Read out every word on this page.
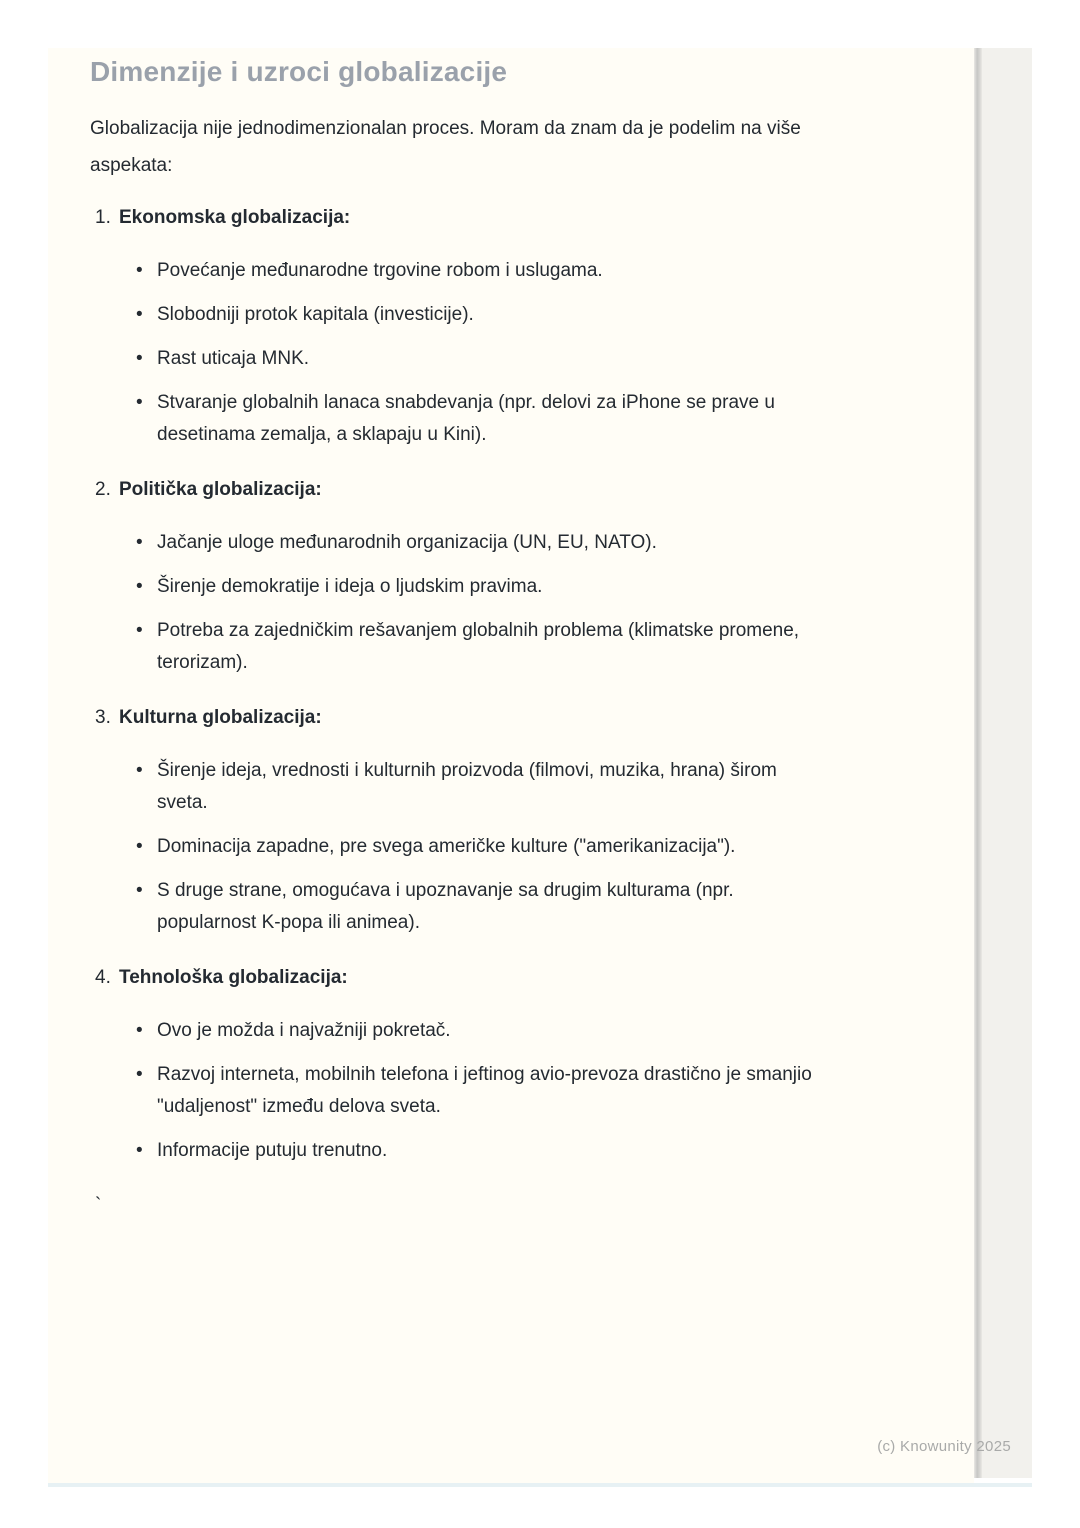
Dimenzije i uzroci globalizacije

Globalizacija nije jednodimenzionalan proces. Moram da znam da je podelim na više aspekata:

1. Ekonomska globalizacija:
• Povećanje međunarodne trgovine robom i uslugama.
• Slobodniji protok kapitala (investicije).
• Rast uticaja MNK.
• Stvaranje globalnih lanaca snabdevanja (npr. delovi za iPhone se prave u desetinama zemalja, a sklapaju u Kini).
2. Politička globalizacija:
• Jačanje uloge međunarodnih organizacija (UN, EU, NATO).
• Širenje demokratije i ideja o ljudskim pravima.
• Potreba za zajedničkim rešavanjem globalnih problema (klimatske promene, terorizam).
3. Kulturna globalizacija:
• Širenje ideja, vrednosti i kulturnih proizvoda (filmovi, muzika, hrana) širom sveta.
• Dominacija zapadne, pre svega američke kulture ("amerikanizacija").
• S druge strane, omogućava i upoznavanje sa drugim kulturama (npr. popularnost K-popa ili animea).
4. Tehnološka globalizacija:
• Ovo je možda i najvažniji pokretač.
• Razvoj interneta, mobilnih telefona i jeftinog avio-prevoza drastično je smanjio "udaljenost" između delova sveta.
• Informacije putuju trenutno.

`

(c) Knowunity 2025
